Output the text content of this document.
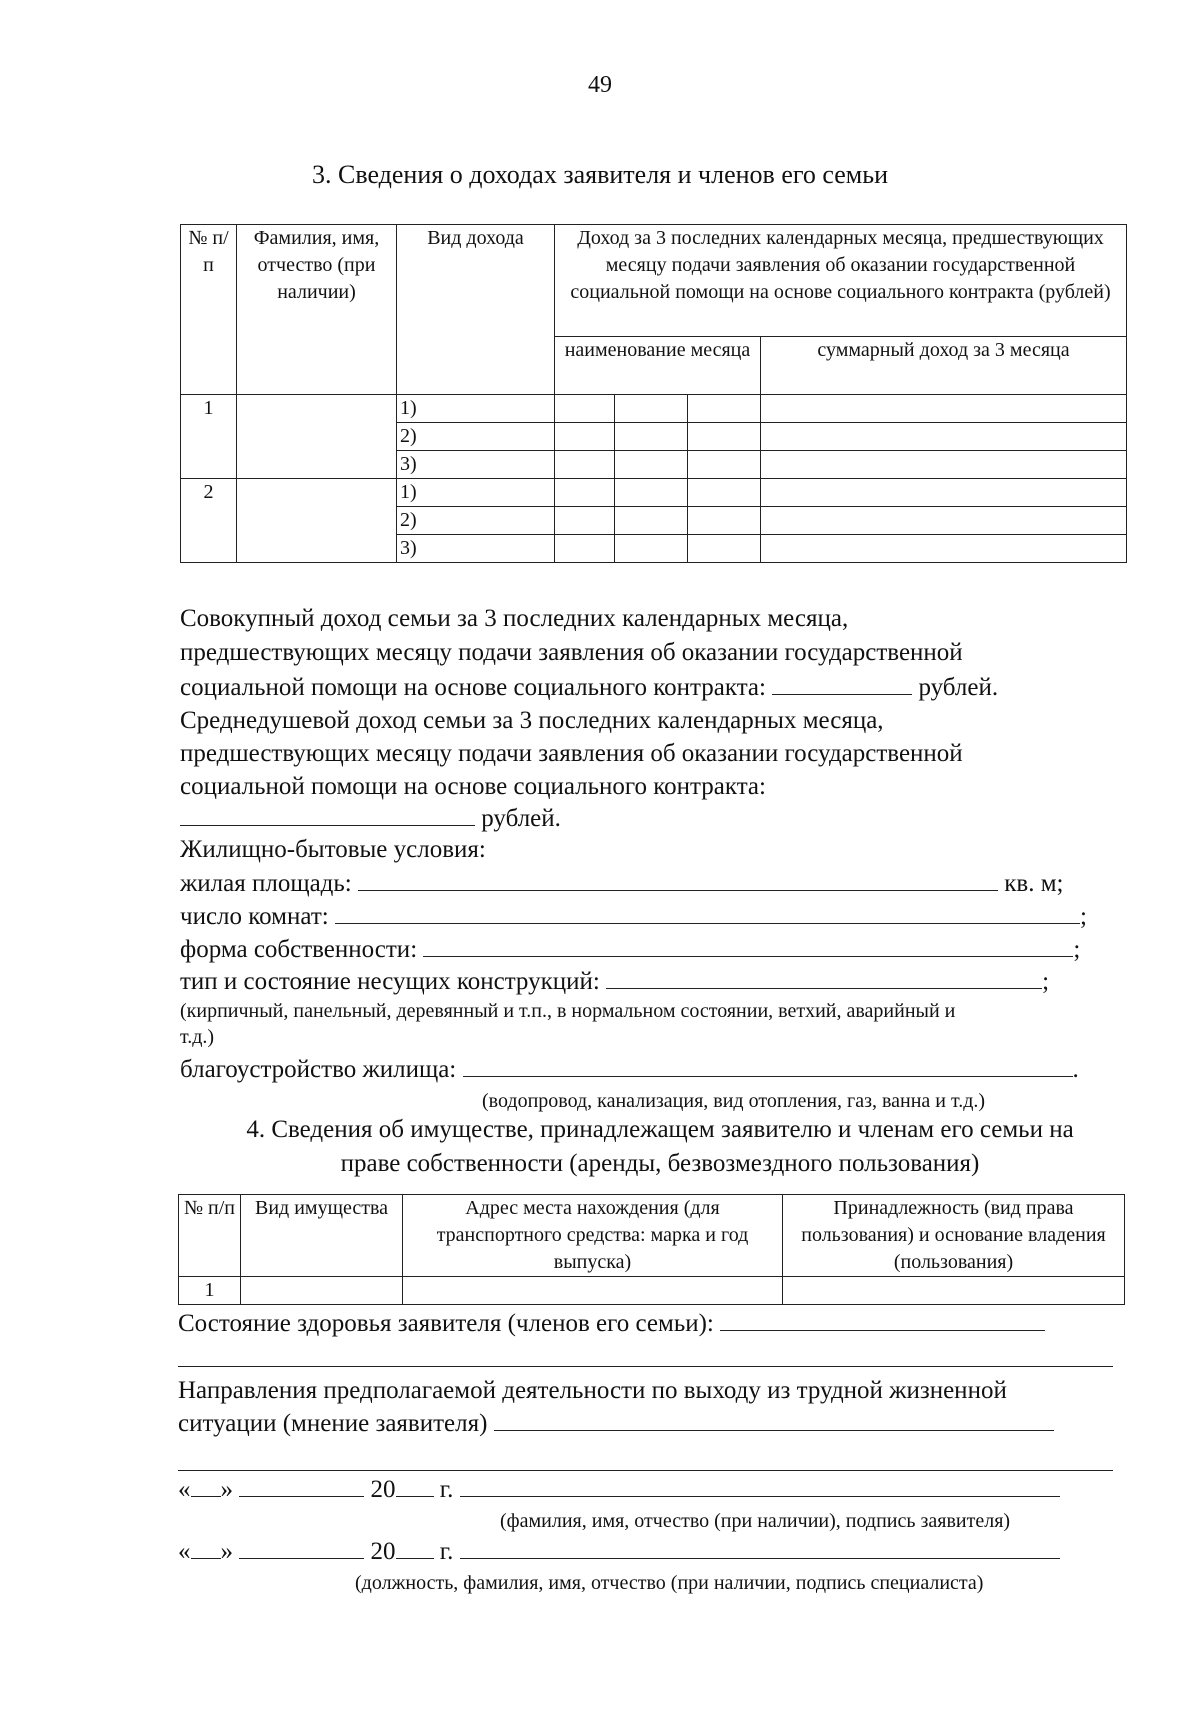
49
3. Сведения о доходах заявителя и членов его семьи
№ п/п	Фамилия, имя, отчество (при наличии)	Вид дохода	Доход за 3 последних календарных месяца, предшествующих месяцу подачи заявления об оказании государственной социальной помощи на основе социального контракта (рублей)			
			наименование месяца			суммарный доход за 3 месяца
1		1)				
		2)				
		3)				
2		1)				
		2)				
		3)				
Совокупный доход семьи за 3 последних календарных месяца,
предшествующих месяцу подачи заявления об оказании государственной
социальной помощи на основе социального контракта:	рублей.
Среднедушевой доход семьи за 3 последних календарных месяца,
предшествующих месяцу подачи заявления об оказании государственной
социальной помощи на основе социального контракта:
рублей.
Жилищно-бытовые условия:
жилая площадь:	кв. м;
число комнат:	;
форма собственности:	;
тип и состояние несущих конструкций:	;
(кирпичный, панельный, деревянный и т.п., в нормальном состоянии, ветхий, аварийный и
т.д.)
благоустройство жилища:	.
(водопровод, канализация, вид отопления, газ, ванна и т.д.)
4. Сведения об имуществе, принадлежащем заявителю и членам его семьи на
праве собственности (аренды, безвозмездного пользования)
№ п/п	Вид имущества	Адрес места нахождения (для транспортного средства: марка и год выпуска)	Принадлежность (вид права пользования) и основание владения (пользования)
1			
Состояние здоровья заявителя (членов его семьи):
Направления предполагаемой деятельности по выходу из трудной жизненной
ситуации (мнение заявителя)
« »	20 г.
(фамилия, имя, отчество (при наличии), подпись заявителя)
« »	20 г.
(должность, фамилия, имя, отчество (при наличии, подпись специалиста)
